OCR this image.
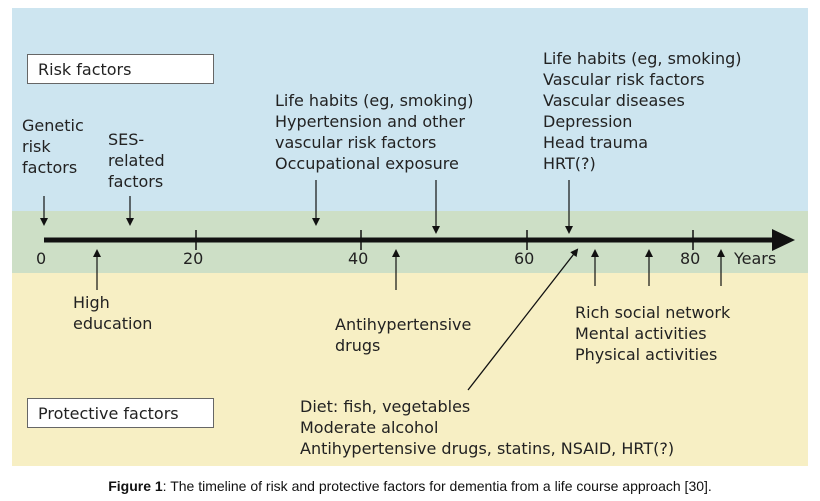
Risk factors
Protective factors
Genetic
risk
factors
SES-
related
factors
Life habits (eg, smoking)
Hypertension and other
vascular risk factors
Occupational exposure
Life habits (eg, smoking)
Vascular risk factors
Vascular diseases
Depression
Head trauma
HRT(?)
High
education	Antihypertensive
drugs
Rich social network
Mental activities
Physical activities
Diet: fish, vegetables
Moderate alcohol
Antihypertensive drugs, statins, NSAID, HRT(?)
0	20	40	60	80 Years
Figure 1: The timeline of risk and protective factors for dementia from a life course approach [30].
